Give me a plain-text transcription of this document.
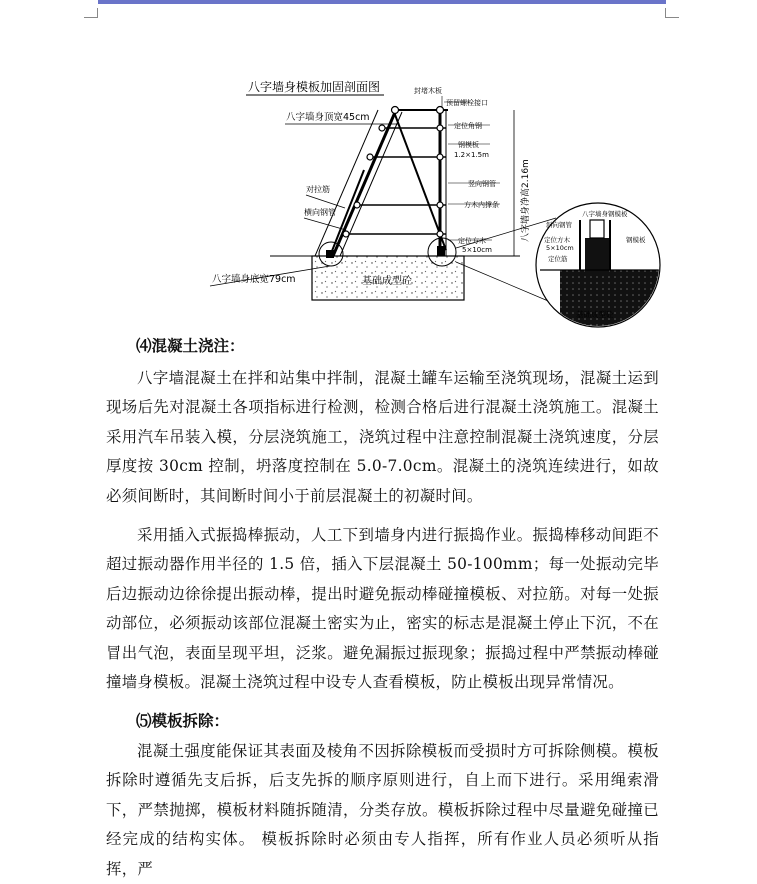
八字墙身模板加固剖面图
基础成型砼
八字墙身顶宽45cm
对拉筋
横向钢管
八字墙身底宽79cm
封堵木板
预留螺栓接口
定位角钢
钢模板
1.2×1.5m
竖向钢管
方木内撑条
定位方木
5×10cm
八字墙身净高2.16m 斜向钢管
八字墙身钢模板
定位方木
5×10cm
定位筋
钢模板
基础成型砼
⑷混凝土浇注：

八字墙混凝土在拌和站集中拌制，混凝土罐车运输至浇筑现场，混凝土运到现场后先对混凝土各项指标进行检测，检测合格后进行混凝土浇筑施工。混凝土采用汽车吊装入模，分层浇筑施工，浇筑过程中注意控制混凝土浇筑速度，分层厚度按 30cm 控制，坍落度控制在 5.0-7.0cm。混凝土的浇筑连续进行，如故必须间断时，其间断时间小于前层混凝土的初凝时间。

采用插入式振捣棒振动，人工下到墙身内进行振捣作业。振捣棒移动间距不超过振动器作用半径的 1.5 倍，插入下层混凝土 50-100mm；每一处振动完毕后边振动边徐徐提出振动棒，提出时避免振动棒碰撞模板、对拉筋。对每一处振动部位，必须振动该部位混凝土密实为止，密实的标志是混凝土停止下沉，不在冒出气泡，表面呈现平坦，泛浆。避免漏振过振现象；振捣过程中严禁振动棒碰撞墙身模板。混凝土浇筑过程中设专人查看模板，防止模板出现异常情况。

⑸模板拆除：

混凝土强度能保证其表面及棱角不因拆除模板而受损时方可拆除侧模。模板拆除时遵循先支后拆，后支先拆的顺序原则进行，自上而下进行。采用绳索滑下，严禁抛掷，模板材料随拆随清，分类存放。模板拆除过程中尽量避免碰撞已经完成的结构实体。 模板拆除时必须由专人指挥，所有作业人员必须听从指挥，严
